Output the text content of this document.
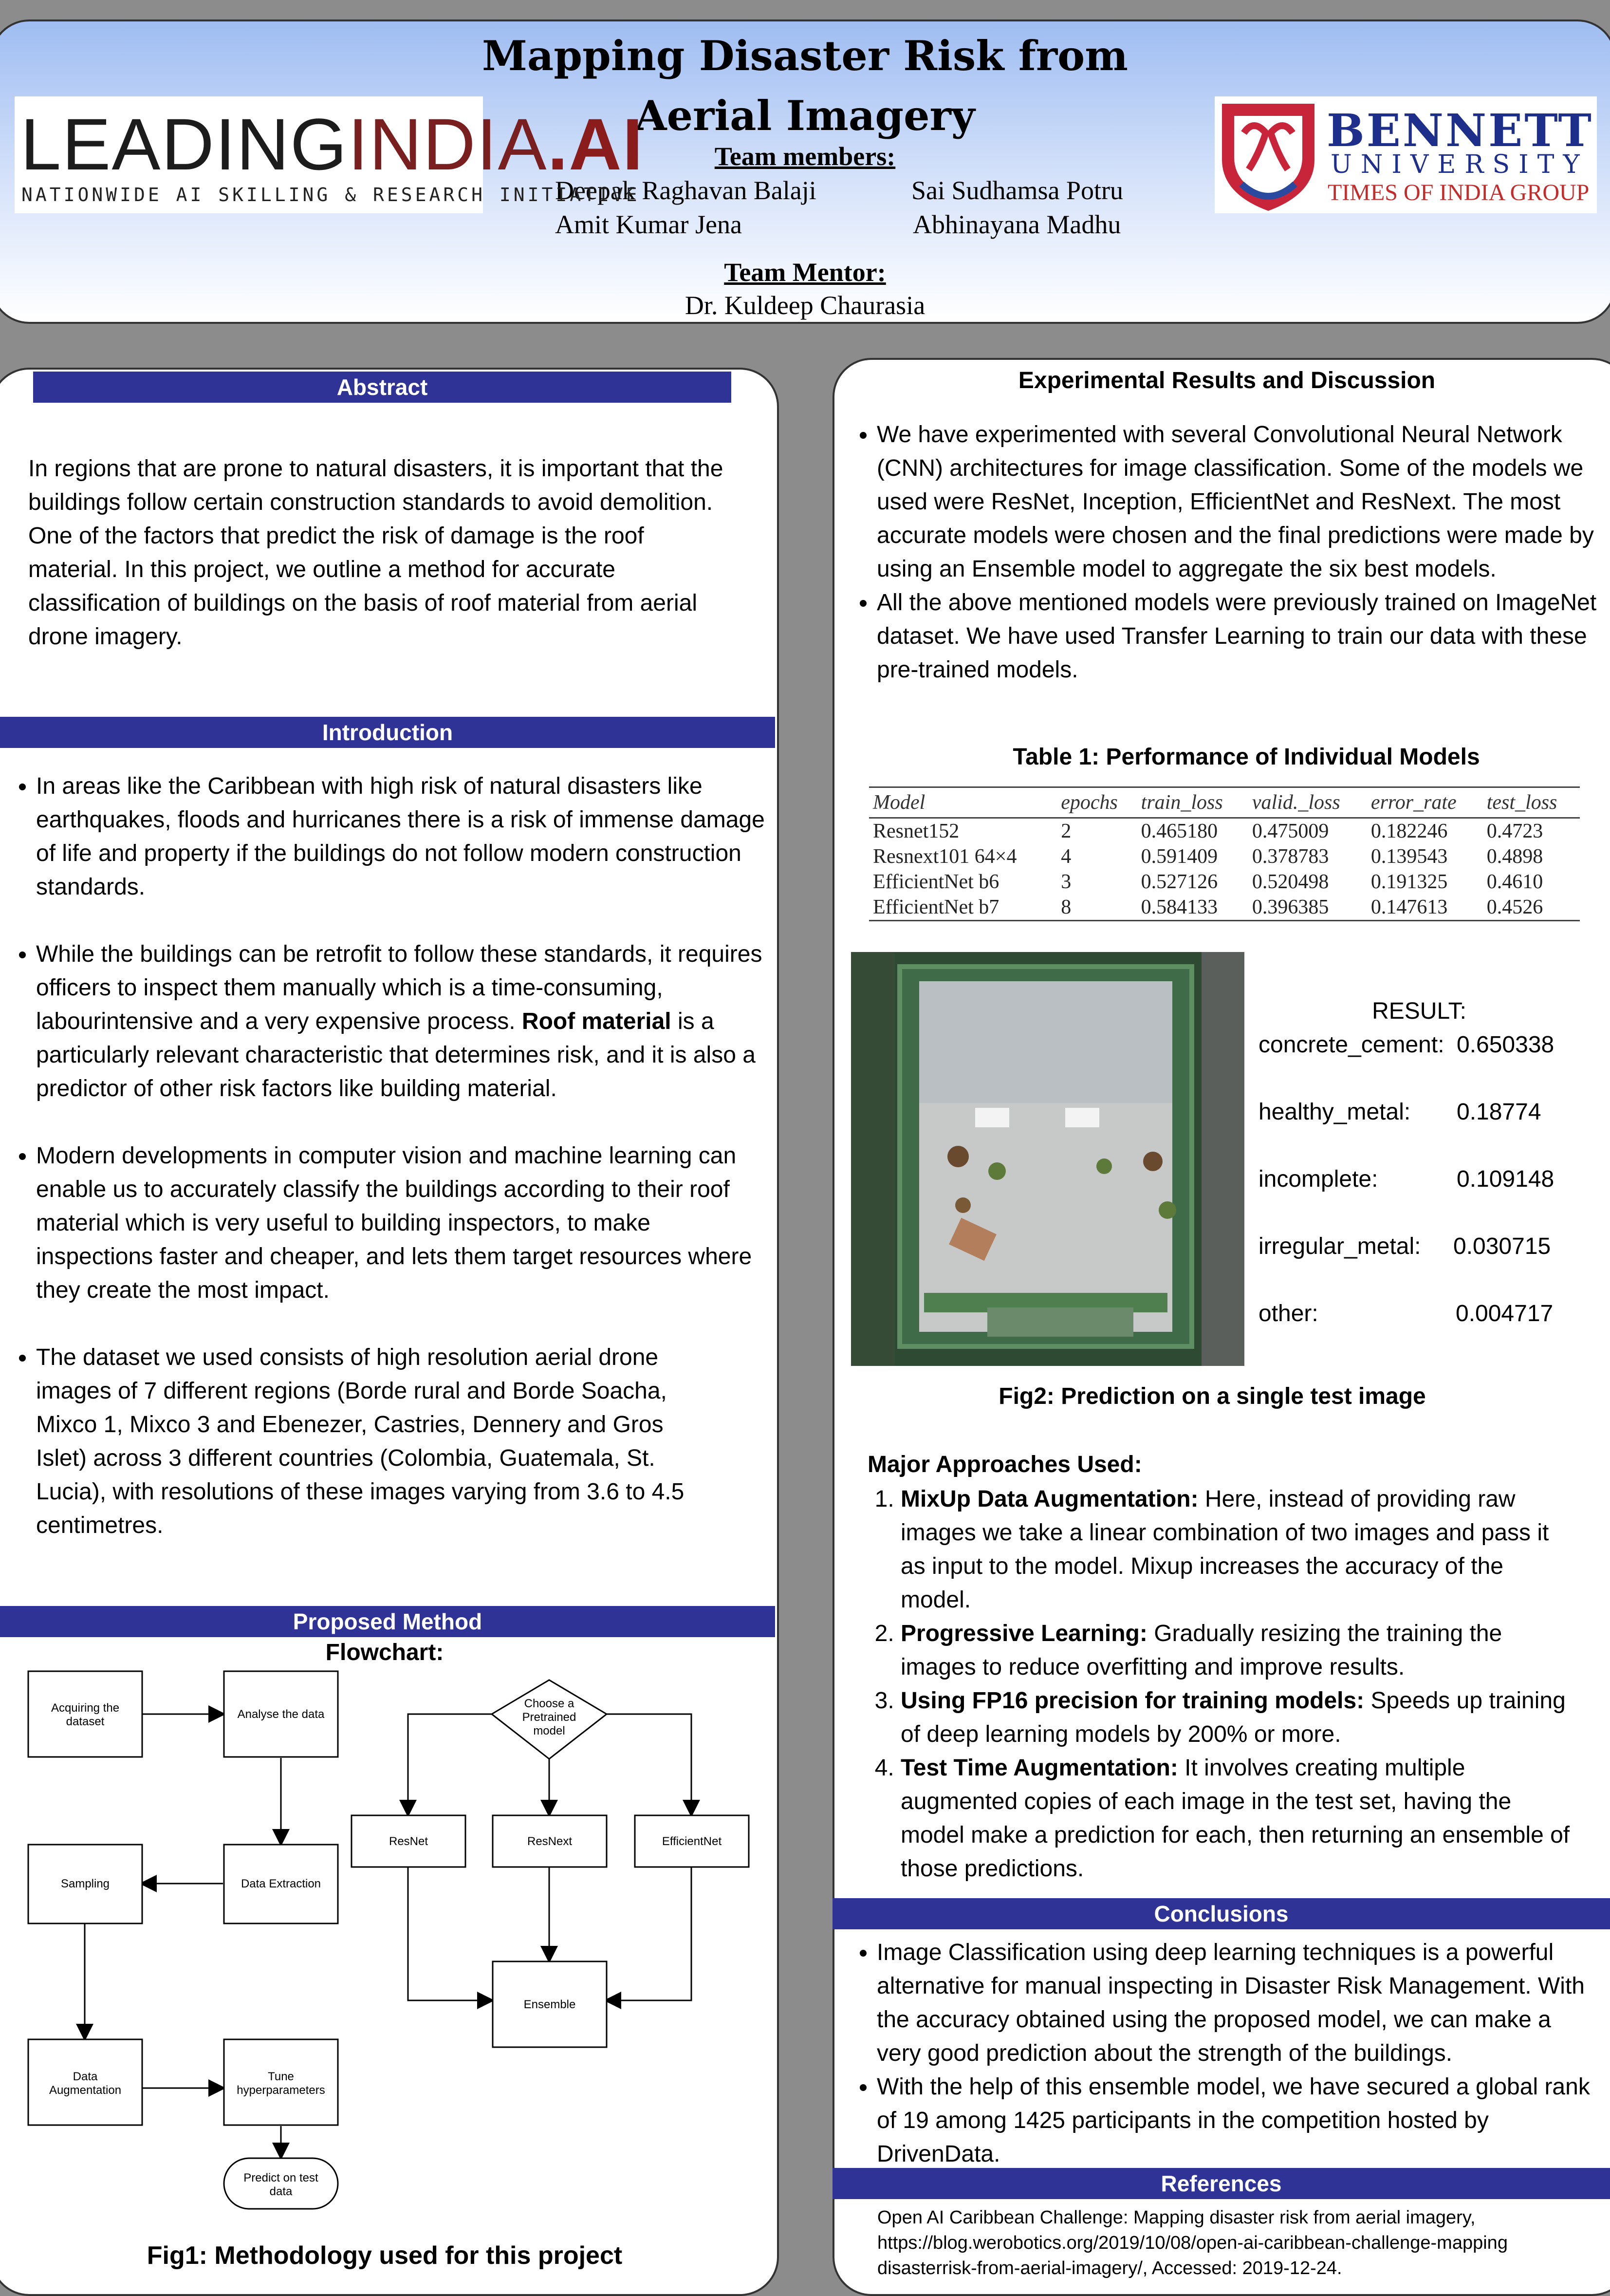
Mapping Disaster Risk from
Aerial Imagery
Team members:
Deepak Raghavan Balaji	Sai Sudhamsa Potru
Amit Kumar Jena	Abhinayana Madhu
Team Mentor:
Dr. Kuldeep Chaurasia
LEADINGINDIA.AI
NATIONWIDE AI SKILLING & RESEARCH INITIATIVE
BENNETT
UNIVERSITY
TIMES OF INDIA GROUP
Abstract
In regions that are prone to natural disasters, it is important that the buildings follow certain construction standards to avoid demolition. One of the factors that predict the risk of damage is the roof material. In this project, we outline a method for accurate classification of buildings on the basis of roof material from aerial drone imagery.
Introduction
• In areas like the Caribbean with high risk of natural disasters like earthquakes, floods and hurricanes there is a risk of immense damage of life and property if the buildings do not follow modern construction standards.
• While the buildings can be retrofit to follow these standards, it requires officers to inspect them manually which is a time-consuming, labourintensive and a very expensive process. Roof material is a particularly relevant characteristic that determines risk, and it is also a predictor of other risk factors like building material.
• Modern developments in computer vision and machine learning can enable us to accurately classify the buildings according to their roof material which is very useful to building inspectors, to make inspections faster and cheaper, and lets them target resources where they create the most impact.
• The dataset we used consists of high resolution aerial drone images of 7 different regions (Borde rural and Borde Soacha, Mixco 1, Mixco 3 and Ebenezer, Castries, Dennery and Gros Islet) across 3 different countries (Colombia, Guatemala, St. Lucia), with resolutions of these images varying from 3.6 to 4.5 centimetres.
Proposed Method
Flowchart:
Acquiring the
dataset
Analyse the data
Data Extraction
Sampling
Data
Augmentation
Tune
hyperparameters
Predict on test
data
Choose a
Pretrained
model
ResNet	ResNext	EfficientNet
Ensemble
Fig1: Methodology used for this project
Experimental Results and Discussion
• We have experimented with several Convolutional Neural Network (CNN) architectures for image classification. Some of the models we used were ResNet, Inception, EfficientNet and ResNext. The most accurate models were chosen and the final predictions were made by using an Ensemble model to aggregate the six best models.
• All the above mentioned models were previously trained on ImageNet dataset. We have used Transfer Learning to train our data with these pre-trained models.
Table 1: Performance of Individual Models
Model	epochs	train_loss	valid._loss	error_rate	test_loss
Resnet152	2	0.465180	0.475009	0.182246	0.4723
Resnext101 64×4	4	0.591409	0.378783	0.139543	0.4898
EfficientNet b6	3	0.527126	0.520498	0.191325	0.4610
EfficientNet b7	8	0.584133	0.396385	0.147613	0.4526
RESULT:
concrete_cement: 0.650338
healthy_metal: 0.18774
incomplete:	0.109148
irregular_metal: 0.030715
other:	0.004717
Fig2: Prediction on a single test image
Major Approaches Used:
1. MixUp Data Augmentation: Here, instead of providing raw images we take a linear combination of two images and pass it as input to the model. Mixup increases the accuracy of the model.
2. Progressive Learning: Gradually resizing the training the images to reduce overfitting and improve results.
3. Using FP16 precision for training models: Speeds up training of deep learning models by 200% or more.
4. Test Time Augmentation: It involves creating multiple augmented copies of each image in the test set, having the model make a prediction for each, then returning an ensemble of those predictions.
Conclusions
• Image Classification using deep learning techniques is a powerful alternative for manual inspecting in Disaster Risk Management. With the accuracy obtained using the proposed model, we can make a very good prediction about the strength of the buildings.
• With the help of this ensemble model, we have secured a global rank of 19 among 1425 participants in the competition hosted by DrivenData.
References
Open AI Caribbean Challenge: Mapping disaster risk from aerial imagery, https://blog.werobotics.org/2019/10/08/open-ai-caribbean-challenge-mapping disasterrisk-from-aerial-imagery/, Accessed: 2019-12-24.
